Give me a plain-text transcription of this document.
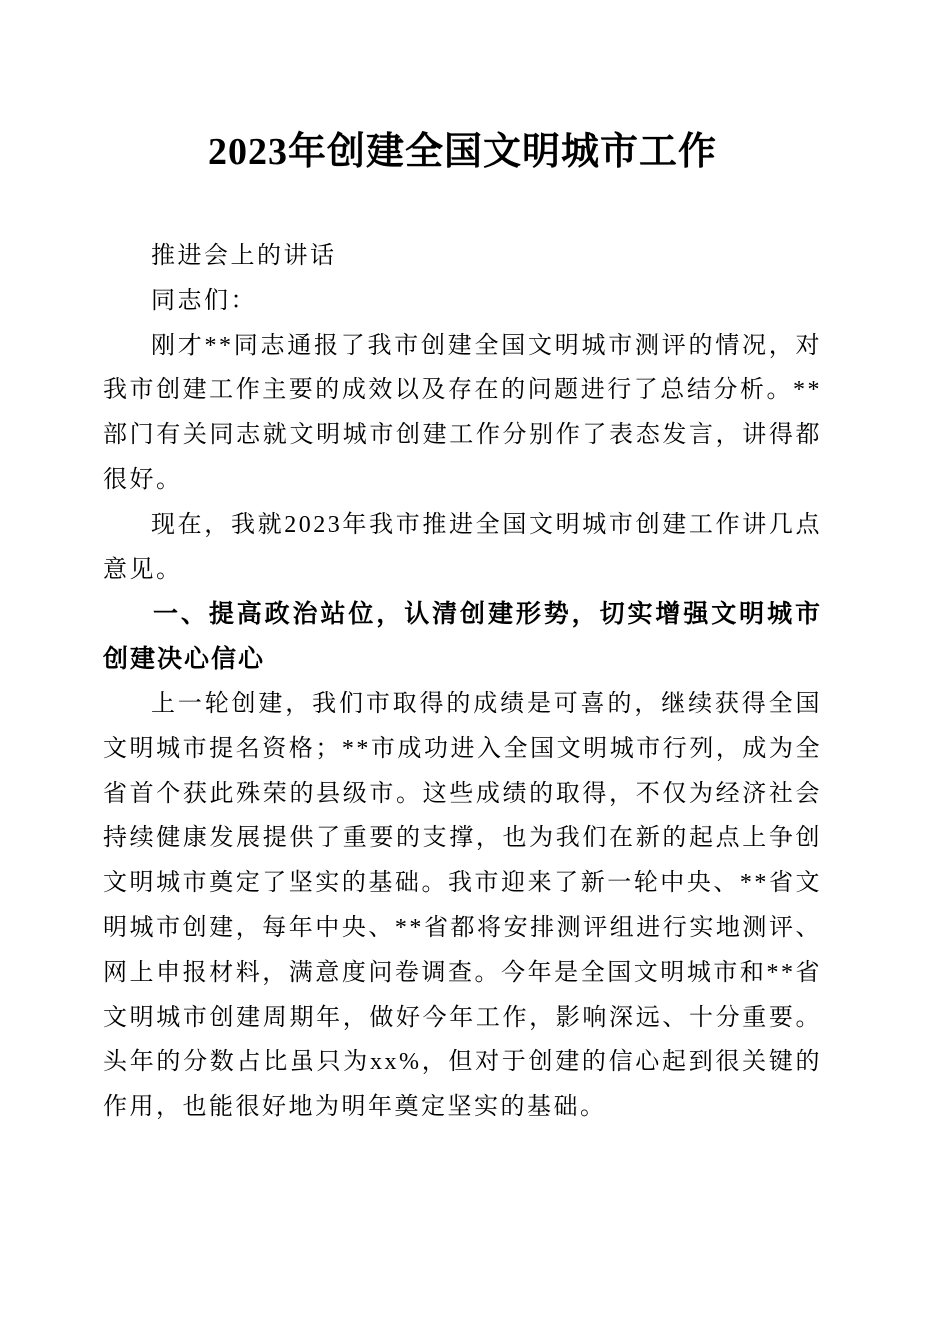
2023年创建全国文明城市工作

推进会上的讲话

同志们：

刚才**同志通报了我市创建全国文明城市测评的情况，对我市创建工作主要的成效以及存在的问题进行了总结分析。**部门有关同志就文明城市创建工作分别作了表态发言，讲得都很好。

现在，我就2023年我市推进全国文明城市创建工作讲几点意见。

一、提高政治站位，认清创建形势，切实增强文明城市创建决心信心

上一轮创建，我们市取得的成绩是可喜的，继续获得全国文明城市提名资格；**市成功进入全国文明城市行列，成为全省首个获此殊荣的县级市。这些成绩的取得，不仅为经济社会持续健康发展提供了重要的支撑，也为我们在新的起点上争创文明城市奠定了坚实的基础。我市迎来了新一轮中央、**省文明城市创建，每年中央、**省都将安排测评组进行实地测评、网上申报材料，满意度问卷调查。今年是全国文明城市和**省文明城市创建周期年，做好今年工作，影响深远、十分重要。头年的分数占比虽只为xx%，但对于创建的信心起到很关键的作用，也能很好地为明年奠定坚实的基础。
